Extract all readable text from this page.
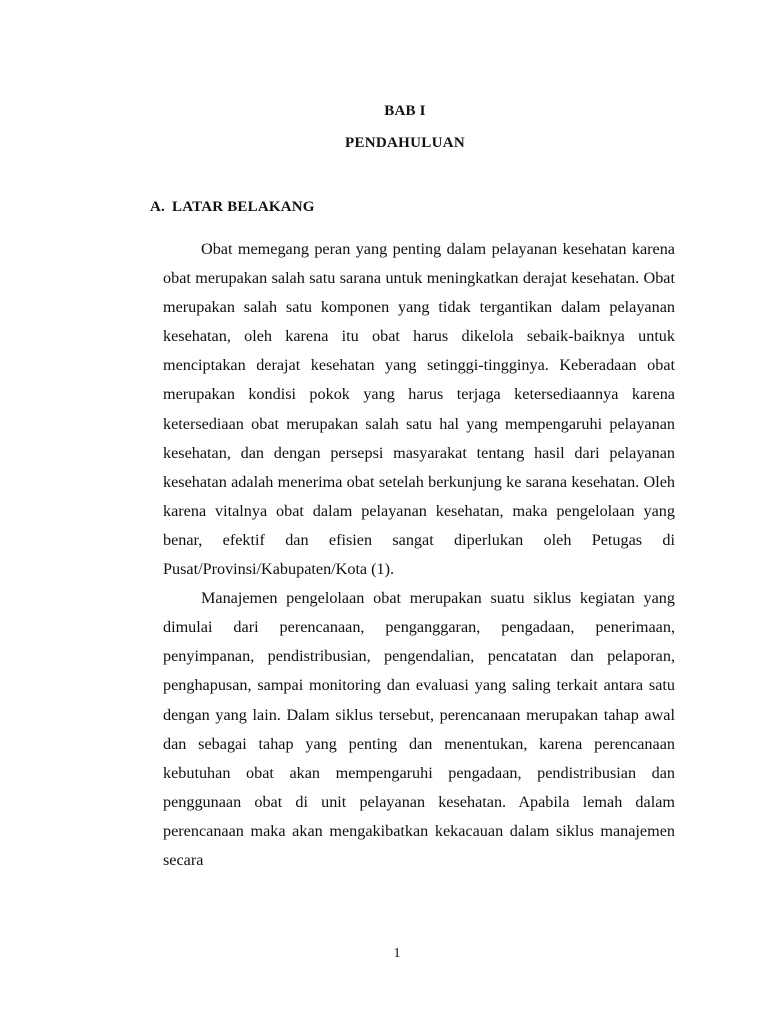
BAB I
PENDAHULUAN
A. LATAR BELAKANG

Obat memegang peran yang penting dalam pelayanan kesehatan karena obat merupakan salah satu sarana untuk meningkatkan derajat kesehatan. Obat merupakan salah satu komponen yang tidak tergantikan dalam pelayanan kesehatan, oleh karena itu obat harus dikelola sebaik-baiknya untuk menciptakan derajat kesehatan yang setinggi-tingginya. Keberadaan obat merupakan kondisi pokok yang harus terjaga ketersediaannya karena ketersediaan obat merupakan salah satu hal yang mempengaruhi pelayanan kesehatan, dan dengan persepsi masyarakat tentang hasil dari pelayanan kesehatan adalah menerima obat setelah berkunjung ke sarana kesehatan. Oleh karena vitalnya obat dalam pelayanan kesehatan, maka pengelolaan yang benar, efektif dan efisien sangat diperlukan oleh Petugas di Pusat/Provinsi/Kabupaten/Kota (1).

Manajemen pengelolaan obat merupakan suatu siklus kegiatan yang dimulai dari perencanaan, penganggaran, pengadaan, penerimaan, penyimpanan, pendistribusian, pengendalian, pencatatan dan pelaporan, penghapusan, sampai monitoring dan evaluasi yang saling terkait antara satu dengan yang lain. Dalam siklus tersebut, perencanaan merupakan tahap awal dan sebagai tahap yang penting dan menentukan, karena perencanaan kebutuhan obat akan mempengaruhi pengadaan, pendistribusian dan penggunaan obat di unit pelayanan kesehatan. Apabila lemah dalam perencanaan maka akan mengakibatkan kekacauan dalam siklus manajemen secara

1
